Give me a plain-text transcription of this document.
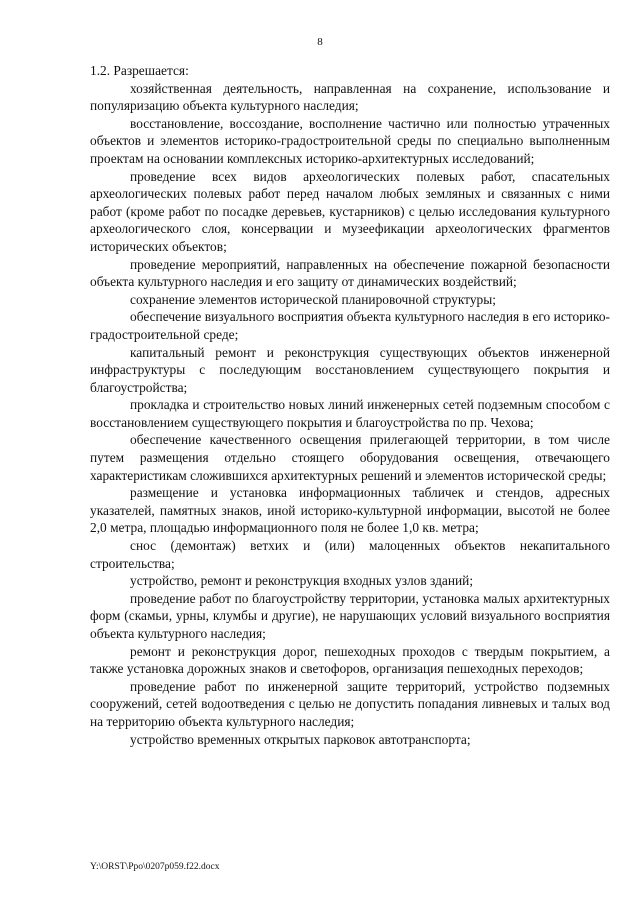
8

1.2. Разрешается:

хозяйственная деятельность, направленная на сохранение, использование и популяризацию объекта культурного наследия;

восстановление, воссоздание, восполнение частично или полностью утраченных объектов и элементов историко-градостроительной среды по специально выполненным проектам на основании комплексных историко-архитектурных исследований;

проведение всех видов археологических полевых работ, спасательных археологических полевых работ перед началом любых земляных и связанных с ними работ (кроме работ по посадке деревьев, кустарников) с целью исследования культурного археологического слоя, консервации и музеефикации археологических фрагментов исторических объектов;

проведение мероприятий, направленных на обеспечение пожарной безопасности объекта культурного наследия и его защиту от динамических воздействий;

сохранение элементов исторической планировочной структуры;

обеспечение визуального восприятия объекта культурного наследия в его историко-градостроительной среде;

капитальный ремонт и реконструкция существующих объектов инженерной инфраструктуры с последующим восстановлением существующего покрытия и благоустройства;

прокладка и строительство новых линий инженерных сетей подземным способом с восстановлением существующего покрытия и благоустройства по пр. Чехова;

обеспечение качественного освещения прилегающей территории, в том числе путем размещения отдельно стоящего оборудования освещения, отвечающего характеристикам сложившихся архитектурных решений и элементов исторической среды;

размещение и установка информационных табличек и стендов, адресных указателей, памятных знаков, иной историко-культурной информации, высотой не более 2,0 метра, площадью информационного поля не более 1,0 кв. метра;

снос (демонтаж) ветхих и (или) малоценных объектов некапитального строительства;

устройство, ремонт и реконструкция входных узлов зданий;

проведение работ по благоустройству территории, установка малых архитектурных форм (скамьи, урны, клумбы и другие), не нарушающих условий визуального восприятия объекта культурного наследия;

ремонт и реконструкция дорог, пешеходных проходов с твердым покрытием, а также установка дорожных знаков и светофоров, организация пешеходных переходов;

проведение работ по инженерной защите территорий, устройство подземных сооружений, сетей водоотведения с целью не допустить попадания ливневых и талых вод на территорию объекта культурного наследия;

устройство временных открытых парковок автотранспорта;

Y:\ORST\Ppo\0207p059.f22.docx
